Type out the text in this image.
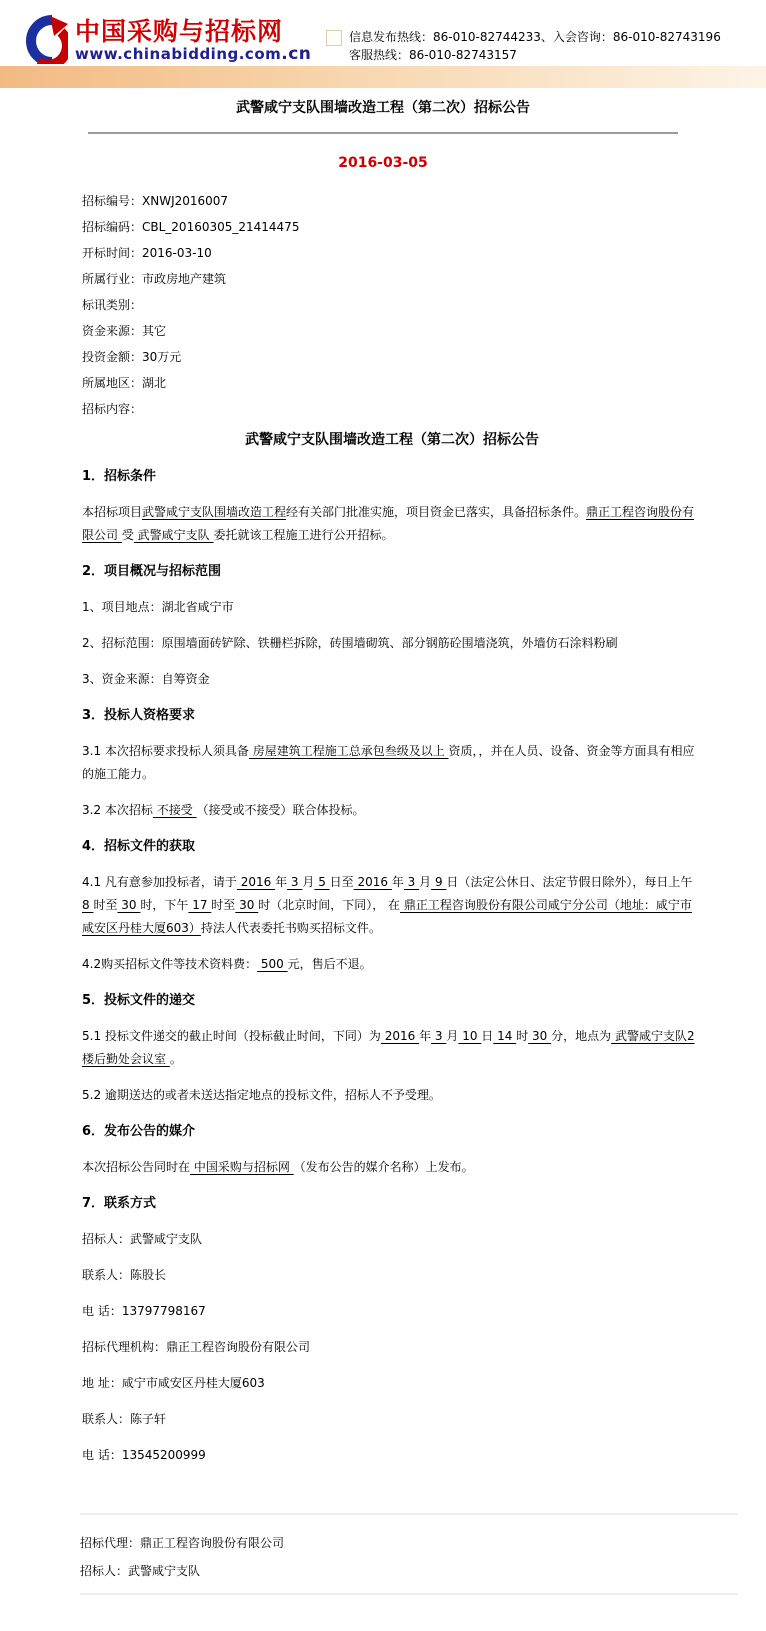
中国采购与招标网
www.chinabidding.com.cn
信息发布热线：86-010-82744233、入会咨询：86-010-82743196
客服热线：86-010-82743157
武警咸宁支队围墙改造工程（第二次）招标公告
2016-03-05
招标编号：XNWJ2016007
招标编码：CBL_20160305_21414475
开标时间：2016-03-10
所属行业：市政房地产建筑
标讯类别：
资金来源：其它
投资金额：30万元
所属地区：湖北
招标内容：
武警咸宁支队围墙改造工程（第二次）招标公告
1．招标条件

本招标项目武警咸宁支队围墙改造工程经有关部门批准实施，项目资金已落实，具备招标条件。鼎正工程咨询股份有限公司 受 武警咸宁支队 委托就该工程施工进行公开招标。

2．项目概况与招标范围

1、项目地点：湖北省咸宁市

2、招标范围：原围墙面砖铲除、铁栅栏拆除，砖围墙砌筑、部分钢筋砼围墙浇筑，外墙仿石涂料粉刷

3、资金来源：自筹资金

3．投标人资格要求

3.1 本次招标要求投标人须具备 房屋建筑工程施工总承包叁级及以上 资质，，并在人员、设备、资金等方面具有相应的施工能力。

3.2 本次招标 不接受 （接受或不接受）联合体投标。

4．招标文件的获取

4.1 凡有意参加投标者，请于 2016 年 3 月 5 日至 2016 年 3 月 9 日（法定公休日、法定节假日除外），每日上午 8 时至 30 时，下午 17 时至 30 时（北京时间，下同）， 在 鼎正工程咨询股份有限公司咸宁分公司（地址：咸宁市咸安区丹桂大厦603）持法人代表委托书购买招标文件。

4.2购买招标文件等技术资料费： 500 元，售后不退。

5．投标文件的递交

5.1 投标文件递交的截止时间（投标截止时间，下同）为 2016 年 3 月 10 日 14 时 30 分，地点为 武警咸宁支队2楼后勤处会议室 。

5.2 逾期送达的或者未送达指定地点的投标文件，招标人不予受理。

6．发布公告的媒介

本次招标公告同时在 中国采购与招标网 （发布公告的媒介名称）上发布。

7．联系方式

招标人：武警咸宁支队

联系人：陈股长

电 话：13797798167

招标代理机构：鼎正工程咨询股份有限公司

地 址：咸宁市咸安区丹桂大厦603

联系人：陈子轩

电 话：13545200999

招标代理：鼎正工程咨询股份有限公司
招标人：武警咸宁支队
